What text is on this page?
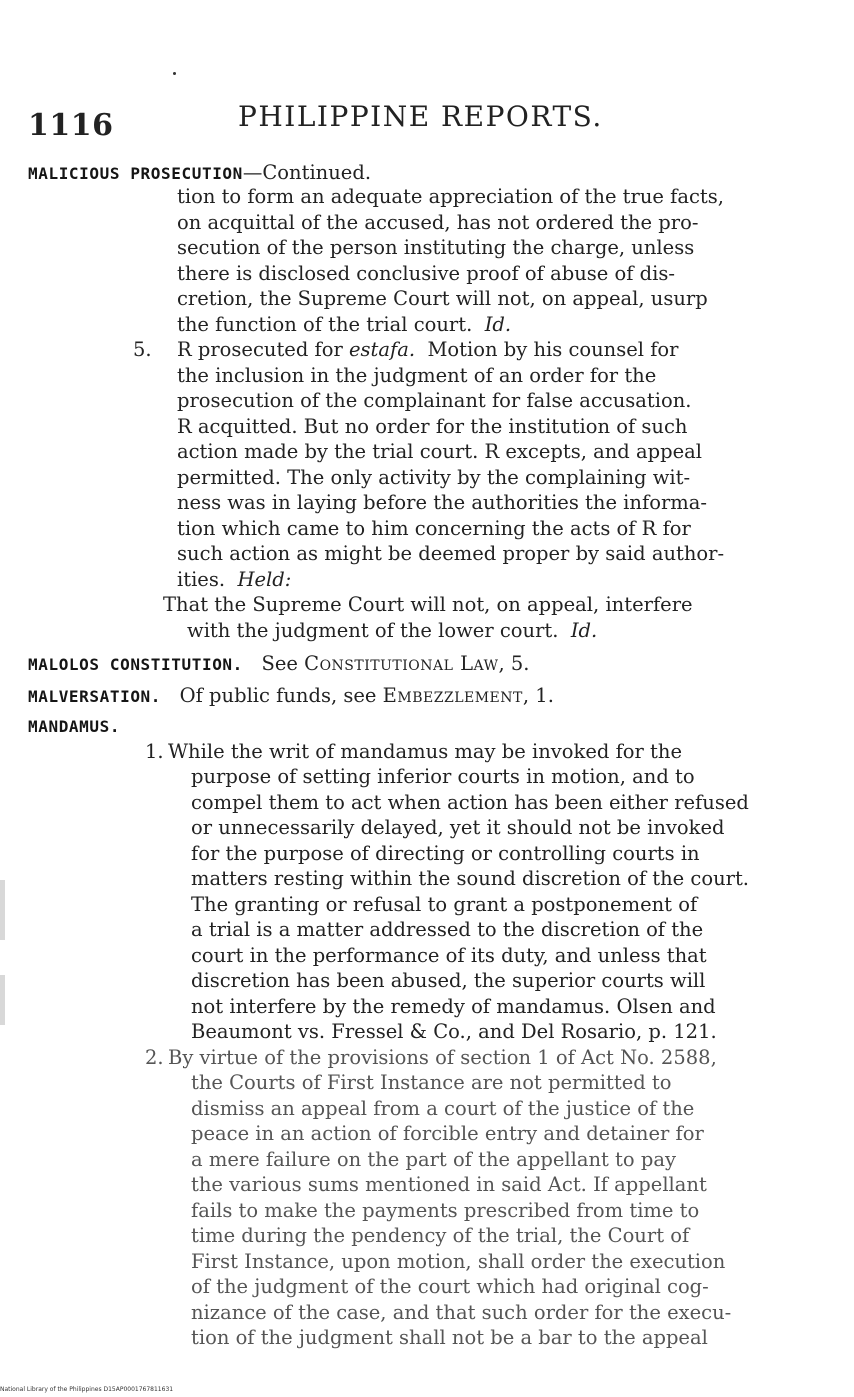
1116	PHILIPPINE REPORTS.
MALICIOUS PROSECUTION—Continued.
tion to form an adequate appreciation of the true facts,
on acquittal of the accused, has not ordered the pro-
secution of the person instituting the charge, unless
there is disclosed conclusive proof of abuse of dis-
cretion, the Supreme Court will not, on appeal, usurp
the function of the trial court. Id.
5. R prosecuted for estafa. Motion by his counsel for
the inclusion in the judgment of an order for the
prosecution of the complainant for false accusation.
R acquitted. But no order for the institution of such
action made by the trial court. R excepts, and appeal
permitted. The only activity by the complaining wit-
ness was in laying before the authorities the informa-
tion which came to him concerning the acts of R for
such action as might be deemed proper by said author-
ities. Held:
That the Supreme Court will not, on appeal, interfere
with the judgment of the lower court. Id.
MALOLOS CONSTITUTION. See Constitutional Law, 5.
MALVERSATION. Of public funds, see Embezzlement, 1.
MANDAMUS.
1. While the writ of mandamus may be invoked for the
purpose of setting inferior courts in motion, and to
compel them to act when action has been either refused
or unnecessarily delayed, yet it should not be invoked
for the purpose of directing or controlling courts in
matters resting within the sound discretion of the court.
The granting or refusal to grant a postponement of
a trial is a matter addressed to the discretion of the
court in the performance of its duty, and unless that
discretion has been abused, the superior courts will
not interfere by the remedy of mandamus. Olsen and
Beaumont vs. Fressel & Co., and Del Rosario, p. 121.
2. By virtue of the provisions of section 1 of Act No. 2588,
the Courts of First Instance are not permitted to
dismiss an appeal from a court of the justice of the
peace in an action of forcible entry and detainer for
a mere failure on the part of the appellant to pay
the various sums mentioned in said Act. If appellant
fails to make the payments prescribed from time to
time during the pendency of the trial, the Court of
First Instance, upon motion, shall order the execution
of the judgment of the court which had original cog-
nizance of the case, and that such order for the execu-
tion of the judgment shall not be a bar to the appeal
National Library of the Philippines D15AP0001767811631
